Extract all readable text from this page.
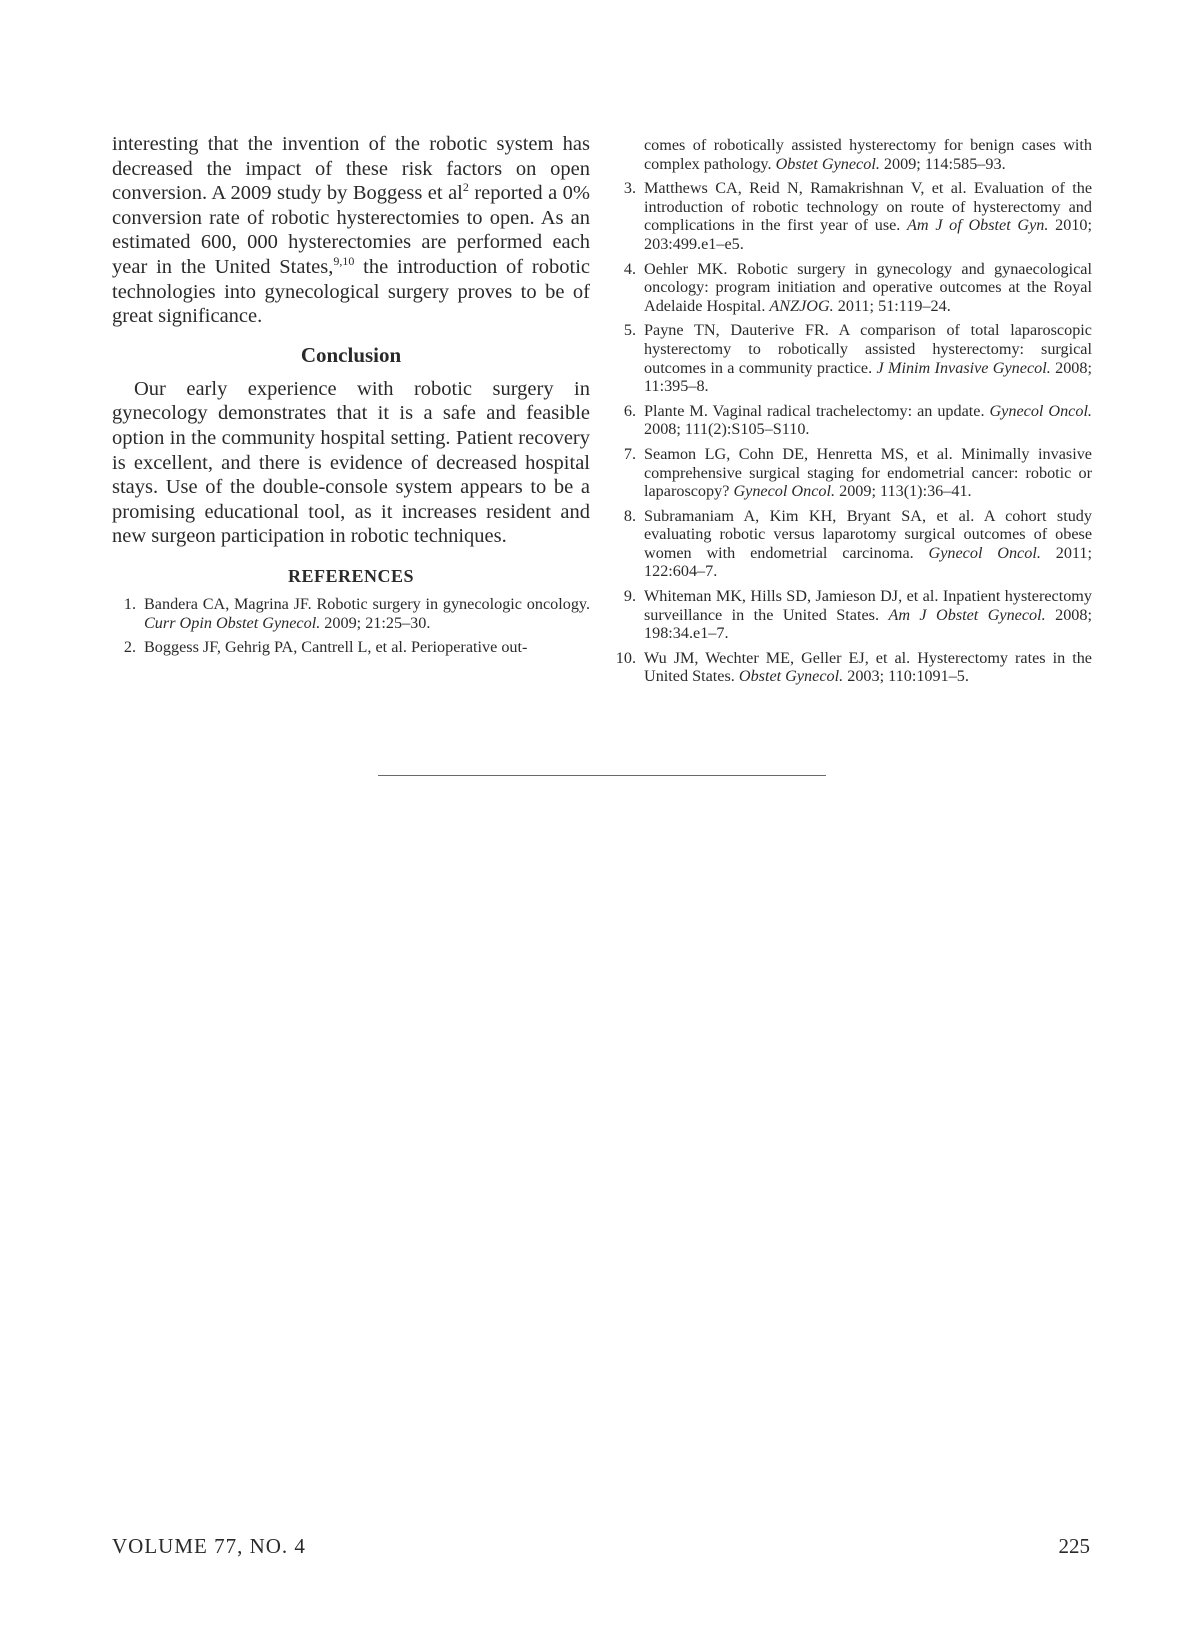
interesting that the invention of the robotic system has decreased the impact of these risk factors on open conversion. A 2009 study by Boggess et $al^2$ reported a 0% conversion rate of robotic hysterectomies to open. As an estimated 600, 000 hysterectomies are performed each year in the United States,$^{9,10}$ the introduction of robotic technologies into gynecological surgery proves to be of great significance.

Conclusion

Our early experience with robotic surgery in gynecology demonstrates that it is a safe and feasible option in the community hospital setting. Patient recovery is excellent, and there is evidence of decreased hospital stays. Use of the double-console system appears to be a promising educational tool, as it increases resident and new surgeon participation in robotic techniques.

REFERENCES
1. Bandera CA, Magrina JF. Robotic surgery in gynecologic oncology. Curr Opin Obstet Gynecol. 2009; 21:25–30.
2. Boggess JF, Gehrig PA, Cantrell L, et al. Perioperative out-

comes of robotically assisted hysterectomy for benign cases with complex pathology. Obstet Gynecol. 2009; 114:585–93.

3. Matthews CA, Reid N, Ramakrishnan V, et al. Evaluation of the introduction of robotic technology on route of hysterectomy and complications in the first year of use. Am J of Obstet Gyn. 2010; 203:499.e1–e5.
4. Oehler MK. Robotic surgery in gynecology and gynaecological oncology: program initiation and operative outcomes at the Royal Adelaide Hospital. ANZJOG. 2011; 51:119–24.
5. Payne TN, Dauterive FR. A comparison of total laparoscopic hysterectomy to robotically assisted hysterectomy: surgical outcomes in a community practice. J Minim Invasive Gynecol. 2008; 11:395–8.
6. Plante M. Vaginal radical trachelectomy: an update. Gynecol Oncol. 2008; 111(2):S105–S110.
7. Seamon LG, Cohn DE, Henretta MS, et al. Minimally invasive comprehensive surgical staging for endometrial cancer: robotic or laparoscopy? Gynecol Oncol. 2009; 113(1):36–41.
8. Subramaniam A, Kim KH, Bryant SA, et al. A cohort study evaluating robotic versus laparotomy surgical outcomes of obese women with endometrial carcinoma. Gynecol Oncol. 2011; 122:604–7.
9. Whiteman MK, Hills SD, Jamieson DJ, et al. Inpatient hysterectomy surveillance in the United States. Am J Obstet Gynecol. 2008; 198:34.e1–7.
10. Wu JM, Wechter ME, Geller EJ, et al. Hysterectomy rates in the United States. Obstet Gynecol. 2003; 110:1091–5.
VOLUME 77, NO. 4	225
